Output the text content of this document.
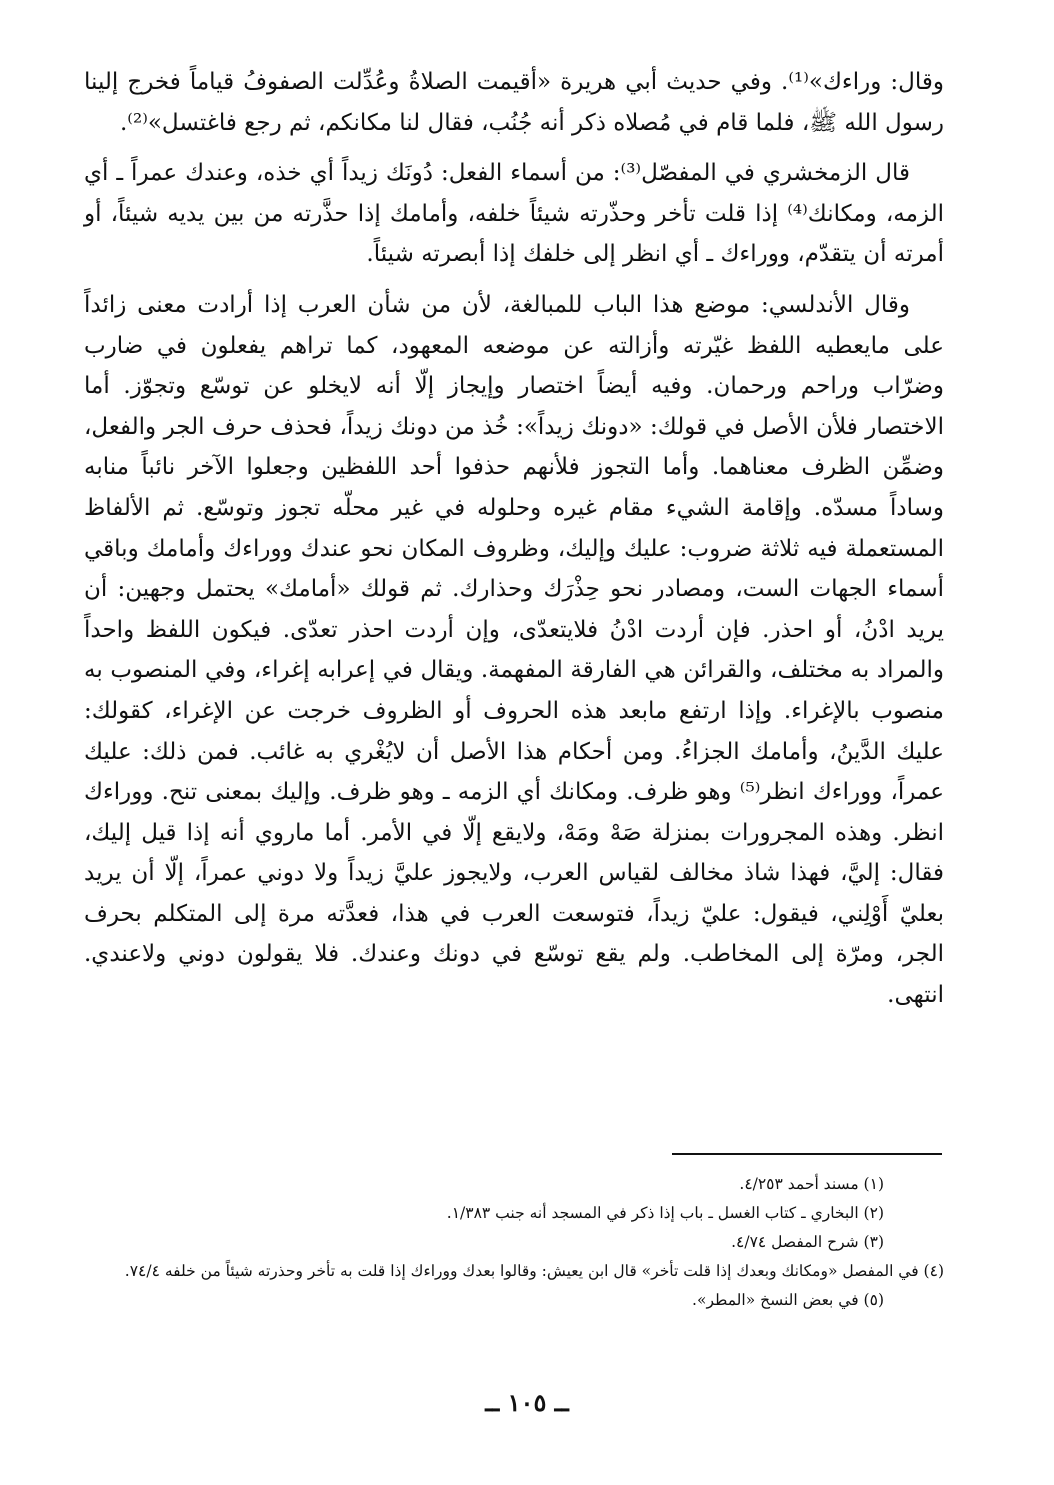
وقال: وراءك»⁽¹⁾. وفي حديث أبي هريرة «أقيمت الصلاةُ وعُدِّلت الصفوفُ قياماً فخرج إلينا رسول الله ﷺ، فلما قام في مُصلاه ذكر أنه جُنُب، فقال لنا مكانكم، ثم رجع فاغتسل»⁽²⁾.

قال الزمخشري في المفصّل⁽³⁾: من أسماء الفعل: دُونَك زيداً أي خذه، وعندك عمراً ـ أي الزمه، ومكانك⁽⁴⁾ إذا قلت تأخر وحذّرته شيئاً خلفه، وأمامك إذا حذَّرته من بين يديه شيئاً، أو أمرته أن يتقدّم، ووراءك ـ أي انظر إلى خلفك إذا أبصرته شيئاً.

وقال الأندلسي: موضع هذا الباب للمبالغة، لأن من شأن العرب إذا أرادت معنى زائداً على مايعطيه اللفظ غيّرته وأزالته عن موضعه المعهود، كما تراهم يفعلون في ضارب وضرّاب وراحم ورحمان. وفيه أيضاً اختصار وإيجاز إلّا أنه لايخلو عن توسّع وتجوّز. أما الاختصار فلأن الأصل في قولك: «دونك زيداً»: خُذ من دونك زيداً، فحذف حرف الجر والفعل، وضمِّن الظرف معناهما. وأما التجوز فلأنهم حذفوا أحد اللفظين وجعلوا الآخر نائباً منابه وساداً مسدّه. وإقامة الشيء مقام غيره وحلوله في غير محلّه تجوز وتوسّع. ثم الألفاظ المستعملة فيه ثلاثة ضروب: عليك وإليك، وظروف المكان نحو عندك ووراءك وأمامك وباقي أسماء الجهات الست، ومصادر نحو حِذْرَك وحذارك. ثم قولك «أمامك» يحتمل وجهين: أن يريد ادْنُ، أو احذر. فإن أردت ادْنُ فلايتعدّى، وإن أردت احذر تعدّى. فيكون اللفظ واحداً والمراد به مختلف، والقرائن هي الفارقة المفهمة. ويقال في إعرابه إغراء، وفي المنصوب به منصوب بالإغراء. وإذا ارتفع مابعد هذه الحروف أو الظروف خرجت عن الإغراء، كقولك: عليك الدَّينُ، وأمامك الجزاءُ. ومن أحكام هذا الأصل أن لايُغْري به غائب. فمن ذلك: عليك عمراً، ووراءك انظر⁽⁵⁾ وهو ظرف. ومكانك أي الزمه ـ وهو ظرف. وإليك بمعنى تنح. ووراءك انظر. وهذه المجرورات بمنزلة صَهْ ومَهْ، ولايقع إلّا في الأمر. أما ماروي أنه إذا قيل إليك، فقال: إليَّ، فهذا شاذ مخالف لقياس العرب، ولايجوز عليَّ زيداً ولا دوني عمراً، إلّا أن يريد بعليّ أَوْلِني، فيقول: عليّ زيداً، فتوسعت العرب في هذا، فعدَّته مرة إلى المتكلم بحرف الجر، ومرّة إلى المخاطب. ولم يقع توسّع في دونك وعندك. فلا يقولون دوني ولاعندي. انتهى.

(١) مسند أحمد ٤/٢٥٣.

(٢) البخاري ـ كتاب الغسل ـ باب إذا ذكر في المسجد أنه جنب ١/٣٨٣.

(٣) شرح المفصل ٤/٧٤.

(٤) في المفصل «ومكانك وبعدك إذا قلت تأخر» قال ابن يعيش: وقالوا بعدك ووراءك إذا قلت به تأخر وحذرته شيئاً من خلفه ٧٤/٤.

(٥) في بعض النسخ «المطر».

ــ ١٠٥ ــ
